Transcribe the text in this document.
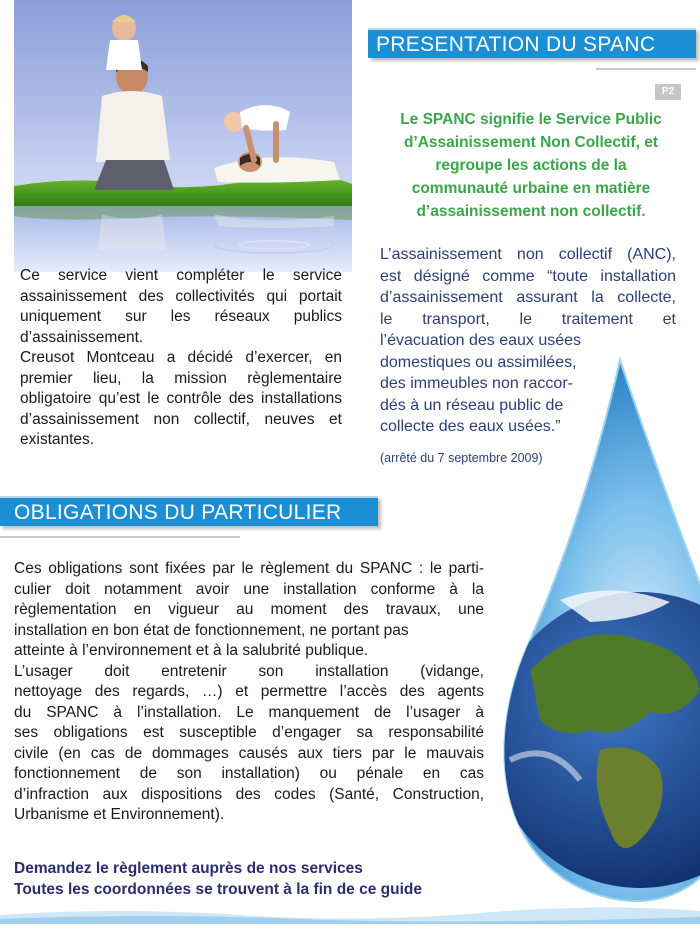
PRESENTATION DU SPANC
P2
Le SPANC signifie le Service Public
d’Assainissement Non Collectif, et
regroupe les actions de la
communauté urbaine en matière
d’assainissement non collectif.

Ce service vient compléter le service assainissement des collectivités qui portait uniquement sur les réseaux publics d’assainissement.

Creusot Montceau a décidé d’exercer, en premier lieu, la mission règlementaire obligatoire qu’est le contrôle des installations d’assainissement non collectif, neuves et existantes.

L’assainissement non collectif (ANC),
est désigné comme “toute installation
d’assainissement assurant la collecte,
le transport, le traitement et
l’évacuation des eaux usées
domestiques ou assimilées,
des immeubles non raccor-
dés à un réseau public de
collecte des eaux usées.”
(arrêté du 7 septembre 2009)
OBLIGATIONS DU PARTICULIER
Ces obligations sont fixées par le règlement du SPANC : le parti-
culier doit notamment avoir une installation conforme à la
règlementation en vigueur au moment des travaux, une
installation en bon état de fonctionnement, ne portant pas
atteinte à l’environnement et à la salubrité publique.
L’usager doit entretenir son installation (vidange,
nettoyage des regards, …) et permettre l’accès des agents
du SPANC à l’installation. Le manquement de l’usager à
ses obligations est susceptible d’engager sa responsabilité
civile (en cas de dommages causés aux tiers par le mauvais
fonctionnement de son installation) ou pénale en cas
d’infraction aux dispositions des codes (Santé, Construction,
Urbanisme et Environnement).
Demandez le règlement auprès de nos services
Toutes les coordonnées se trouvent à la fin de ce guide
